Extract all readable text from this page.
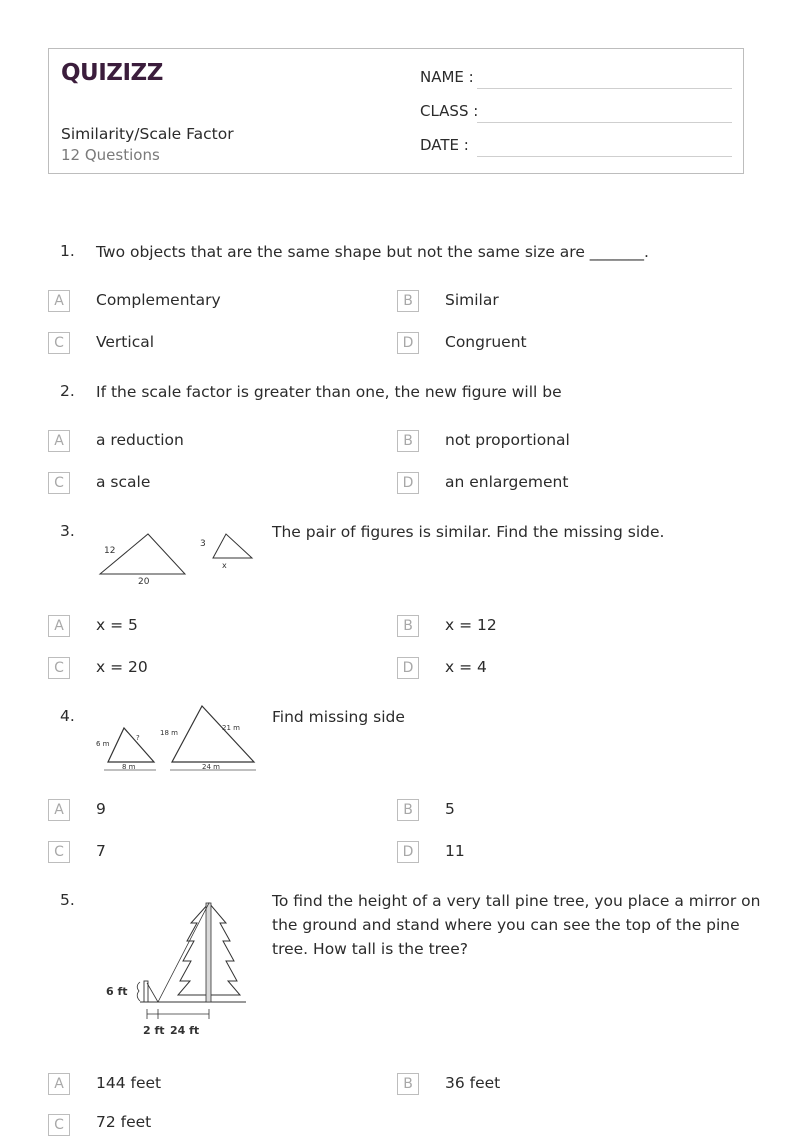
QUIZIZZ
Similarity/Scale Factor
12 Questions
NAME :
CLASS :
DATE :
1. Two objects that are the same shape but not the same size are _______.
A	Complementary	B	Similar
C	Vertical	D	Congruent
2. If the scale factor is greater than one, the new figure will be
A	a reduction	B	not proportional
C	a scale	D	an enlargement
3.
12
20
3
x
The pair of figures is similar. Find the missing side.
A	x = 5	B	x = 12
C	x = 20	D	x = 4
4.
6 m
?
8 m
18 m
21 m
24 m
Find missing side
A	9	B	5
C	7	D	11
5.
6 ft
2 ft 24 ft
To find the height of a very tall pine tree, you place a mirror on
the ground and stand where you can see the top of the pine
tree. How tall is the tree?
A	144 feet	B	36 feet
C	72 feet
